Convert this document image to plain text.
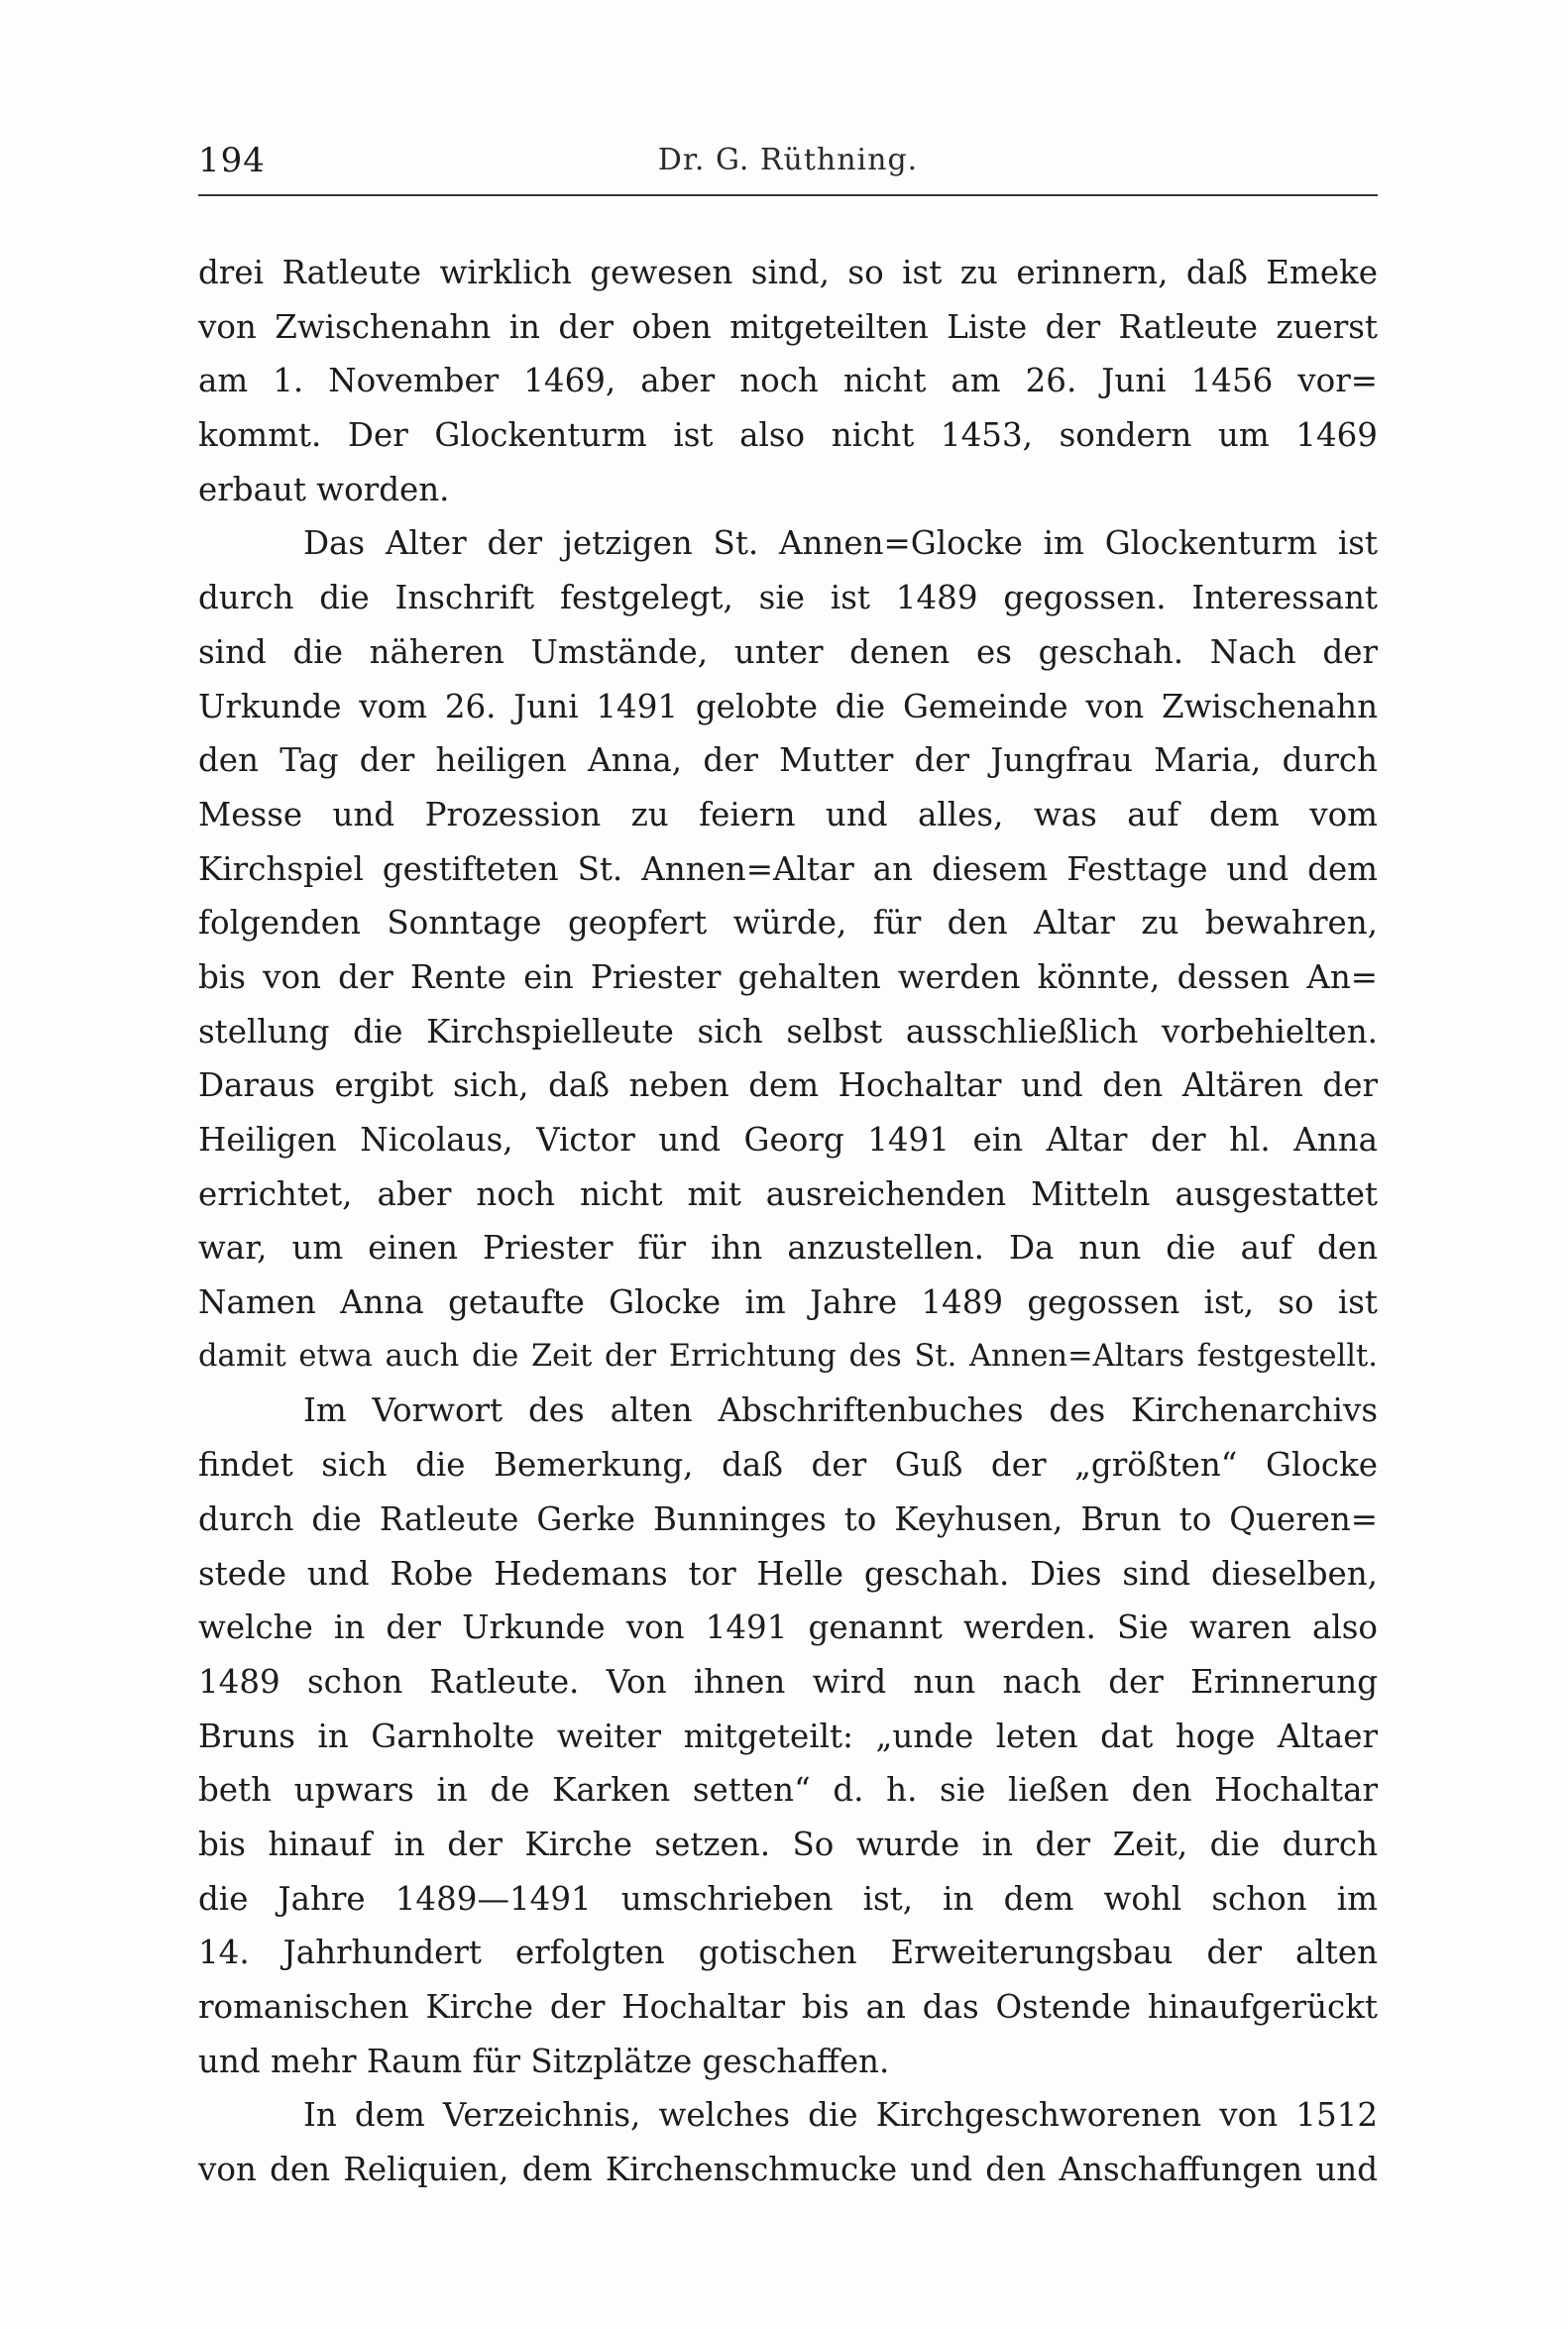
194	Dr. G. Rüthning.
drei Ratleute wirklich gewesen sind, so ist zu erinnern, daß Emeke
von Zwischenahn in der oben mitgeteilten Liste der Ratleute zuerst
am 1. November 1469, aber noch nicht am 26. Juni 1456 vor=
kommt. Der Glockenturm ist also nicht 1453, sondern um 1469
erbaut worden.
Das Alter der jetzigen St. Annen=Glocke im Glockenturm ist
durch die Inschrift festgelegt, sie ist 1489 gegossen. Interessant
sind die näheren Umstände, unter denen es geschah. Nach der
Urkunde vom 26. Juni 1491 gelobte die Gemeinde von Zwischenahn
den Tag der heiligen Anna, der Mutter der Jungfrau Maria, durch
Messe und Prozession zu feiern und alles, was auf dem vom
Kirchspiel gestifteten St. Annen=Altar an diesem Festtage und dem
folgenden Sonntage geopfert würde, für den Altar zu bewahren,
bis von der Rente ein Priester gehalten werden könnte, dessen An=
stellung die Kirchspielleute sich selbst ausschließlich vorbehielten.
Daraus ergibt sich, daß neben dem Hochaltar und den Altären der
Heiligen Nicolaus, Victor und Georg 1491 ein Altar der hl. Anna
errichtet, aber noch nicht mit ausreichenden Mitteln ausgestattet
war, um einen Priester für ihn anzustellen. Da nun die auf den
Namen Anna getaufte Glocke im Jahre 1489 gegossen ist, so ist
damit etwa auch die Zeit der Errichtung des St. Annen=Altars festgestellt.
Im Vorwort des alten Abschriftenbuches des Kirchenarchivs
findet sich die Bemerkung, daß der Guß der „größten“ Glocke
durch die Ratleute Gerke Bunninges to Keyhusen, Brun to Queren=
stede und Robe Hedemans tor Helle geschah. Dies sind dieselben,
welche in der Urkunde von 1491 genannt werden. Sie waren also
1489 schon Ratleute. Von ihnen wird nun nach der Erinnerung
Bruns in Garnholte weiter mitgeteilt: „unde leten dat hoge Altaer
beth upwars in de Karken setten“ d. h. sie ließen den Hochaltar
bis hinauf in der Kirche setzen. So wurde in der Zeit, die durch
die Jahre 1489—1491 umschrieben ist, in dem wohl schon im
14. Jahrhundert erfolgten gotischen Erweiterungsbau der alten
romanischen Kirche der Hochaltar bis an das Ostende hinaufgerückt
und mehr Raum für Sitzplätze geschaffen.
In dem Verzeichnis, welches die Kirchgeschworenen von 1512
von den Reliquien, dem Kirchenschmucke und den Anschaffungen und
